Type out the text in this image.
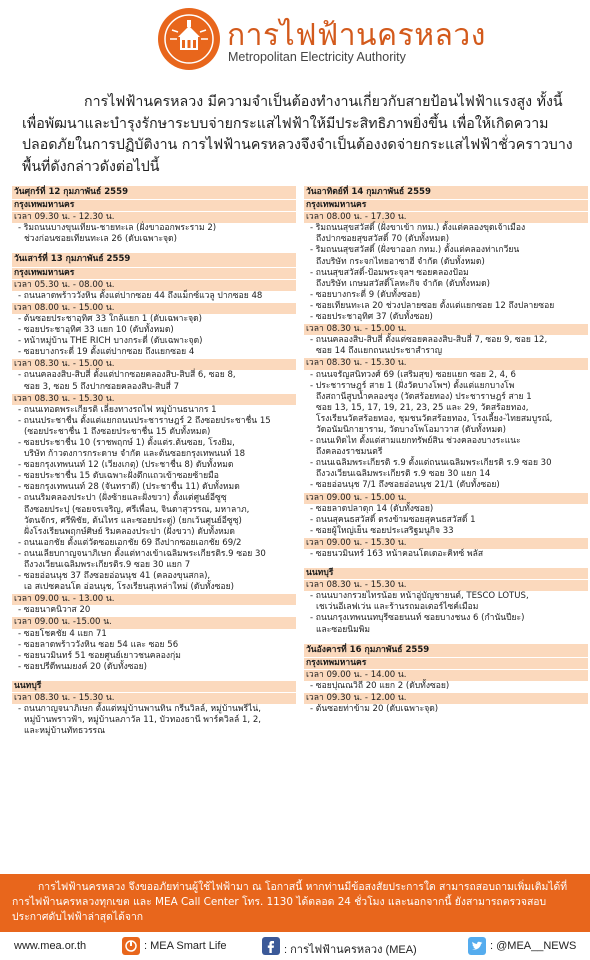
การไฟฟ้านครหลวง
Metropolitan Electricity Authority
การไฟฟ้านครหลวง มีความจำเป็นต้องทำงานเกี่ยวกับสายป้อนไฟฟ้าแรงสูง ทั้งนี้เพื่อพัฒนาและบำรุงรักษาระบบจ่ายกระแสไฟฟ้าให้มีประสิทธิภาพยิ่งขึ้น เพื่อให้เกิดความปลอดภัยในการปฏิบัติงาน การไฟฟ้านครหลวงจึงจำเป็นต้องงดจ่ายกระแสไฟฟ้าชั่วคราวบางพื้นที่ดังกล่าวดังต่อไปนี้
วันศุกร์ที่ 12 กุมภาพันธ์ 2559
กรุงเทพมหานคร
เวลา 09.30 น. - 12.30 น.
- ริมถนนบางขุนเทียน-ชายทะเล (ฝั่งขาออกพระราม 2)
ช่วงก่อนซอยเทียนทะเล 26 (ดับเฉพาะจุด)
วันเสาร์ที่ 13 กุมภาพันธ์ 2559
กรุงเทพมหานคร
เวลา 05.30 น. - 08.00 น.
- ถนนลาดพร้าววังหิน ตั้งแต่ปากซอย 44 ถึงแม็กซ์แวลู ปากซอย 48
เวลา 08.00 น. - 15.00 น.
- ต้นซอยประชาอุทิศ 33 ใกล้แยก 1 (ดับเฉพาะจุด)
- ซอยประชาอุทิศ 33 แยก 10 (ดับทั้งหมด)
- หน้าหมู่บ้าน THE RICH บางกระดี่ (ดับเฉพาะจุด)
- ซอยบางกระดี่ 19 ตั้งแต่ปากซอย ถึงแยกซอย 4
เวลา 08.30 น. - 15.00 น.
- ถนนคลองสิบ-สิบสี่ ตั้งแต่ปากซอยคลองสิบ-สิบสี่ 6, ซอย 8,
ซอย 3, ซอย 5 ถึงปากซอยคลองสิบ-สิบสี่ 7
เวลา 08.30 น. - 15.30 น.
- ถนนเทอดพระเกียรติ เลี่ยงทางรถไฟ หมู่บ้านธนากร 1
- ถนนประชาชื่น ตั้งแต่แยกถนนประชาราษฎร์ 2 ถึงซอยประชาชื่น 15
(ซอยประชาชื่น 1 ถึงซอยประชาชื่น 15 ดับทั้งหมด)
- ซอยประชาชื่น 10 (ราชพฤกษ์ 1) ตั้งแต่ร.ต้นซอย, โรงยิม,
บริษัท ก้าวตงการกระดาษ จำกัด และต้นซอยกรุงเทพนนท์ 18
- ซอยกรุงเทพนนท์ 12 (เวียงเกตุ) (ประชาชื่น 8) ดับทั้งหมด
- ซอยประชาชื่น 15 ดับเฉพาะฝั่งตึกแถวเข้าซอยซ้ายมือ
- ซอยกรุงเทพนนท์ 28 (จันทราดี) (ประชาชื่น 11) ดับทั้งหมด
- ถนนริมคลองประปา (ฝั่งซ้ายและฝั่งขวา) ตั้งแต่ศูนย์อีซูซุ
ถึงซอยประปุ (ซอยจรเจริญ, ศรีเพื่อน, จินดาสุวรรณ, มหาลาภ,
วัดนจักร, ศรีพิชัย, ต้นไทร และซอยประดู่) (ยกเว้นศูนย์อีซูซุ)
ฝั่งโรงเรียนพฤกษ์ศิษย์ ริมคลองประปา (ฝั่งขวา) ดับทั้งหมด
- ถนนเอกชัย ตั้งแต่วัดซอยเอกชัย 69 ถึงปากซอยเอกชัย 69/2
- ถนนเลียบกาญจนาภิเษก ตั้งแต่ทางเข้าเฉลิมพระเกียรติร.9 ซอย 30
ถึงวงเวียนเฉลิมพระเกียรติร.9 ซอย 30 แยก 7
- ซอยอ่อนนุช 37 ถึงซอยอ่อนนุช 41 (คลองขุนสกล),
เอ สเปซคอนโด อ่อนนุช, โรงเรียนสุเหล่าใหม่ (ดับทั้งซอย)
เวลา 09.00 น. - 13.00 น.
- ซอยนาคนิวาส 20
เวลา 09.00 น. -15.00 น.
- ซอยโชคชัย 4 แยก 71
- ซอยลาดพร้าววังหิน ซอย 54 และ ซอย 56
- ซอยนวมินทร์ 51 ซอยศูนย์เยาวชนคลองกุ่ม
- ซอยปรีดีพนมยงค์ 20 (ดับทั้งซอย)
นนทบุรี
เวลา 08.30 น. - 15.30 น.
- ถนนกาญจนาภิเษก ตั้งแต่หมู่บ้านพานทิน กรีนวิลล์, หมู่บ้านพรีไน่,
หมู่บ้านพราวฟ้า, หมู่บ้านลภาวัล 11, บัวทองธานี พาร์ควิลล์ 1, 2,
และหมู่บ้านทัทธวรรณ
วันอาทิตย์ที่ 14 กุมภาพันธ์ 2559
กรุงเทพมหานคร
เวลา 08.00 น. - 17.30 น.
- ริมถนนสุขสวัสดิ์ (ฝั่งขาเข้า กทม.) ตั้งแต่คลองขุดเจ้าเมือง
ถึงปากซอยสุขสวัสดิ์ 70 (ดับทั้งหมด)
- ริมถนนสุขสวัสดิ์ (ฝั่งขาออก กทม.) ตั้งแต่คลองท่าเกวียน
ถึงบริษัท กระจกไทยอาซาฮี จำกัด (ดับทั้งหมด)
- ถนนสุขสวัสดิ์-ป้อมพระจุลฯ ซอยคลองป้อม
ถึงบริษัท เกษมสวัสดิ์โลหะกิจ จำกัด (ดับทั้งหมด)
- ซอยบางกระดี่ 9 (ดับทั้งซอย)
- ซอยเทียนทะเล 20 ช่วงปลายซอย ตั้งแต่แยกซอย 12 ถึงปลายซอย
- ซอยประชาอุทิศ 37 (ดับทั้งซอย)
เวลา 08.30 น. - 15.00 น.
- ถนนคลองสิบ-สิบสี่ ตั้งแต่ซอยคลองสิบ-สิบสี่ 7, ซอย 9, ซอย 12,
ซอย 14 ถึงแยกถนนประชาสำราญ
เวลา 08.30 น. - 15.30 น.
- ถนนจรัญสนิทวงศ์ 69 (เสริมสุข) ซอยแยก ซอย 2, 4, 6
- ประชาราษฎร์ สาย 1 (ฝั่งวัดบางโพฯ) ตั้งแต่แยกบางโพ
ถึงสถานีสูบน้ำคลองชุง (วัดสร้อยทอง) ประชาราษฎร์ สาย 1
ซอย 13, 15, 17, 19, 21, 23, 25 และ 29, วัดสร้อยทอง,
โรงเรียนวัดสร้อยทอง, ชุมชนวัดสร้อยทอง, โรงเลี้ยง-ไทยสมบูรณ์,
วัดอนัมนิกายาราม, วัดบางโพโอมาวาส (ดับทั้งหมด)
- ถนนเทิดไท ตั้งแต่สามแยกทรัพย์สิน ช่วงคลองบางระแนะ
ถึงคลองราชมนตรี
- ถนนเฉลิมพระเกียรติ ร.9 ตั้งแต่ถนนเฉลิมพระเกียรติ ร.9 ซอย 30
ถึงวงเวียนเฉลิมพระเกียรติ ร.9 ซอย 30 แยก 14
- ซอยอ่อนนุช 7/1 ถึงซอยอ่อนนุช 21/1 (ดับทั้งซอย)
เวลา 09.00 น. - 15.00 น.
- ซอยลาดปลาดุก 14 (ดับทั้งซอย)
- ถนนสุคนธสวัสดิ์ ตรงข้ามซอยสุคนธสวัสดิ์ 1
- ซอยผู้ใหญ่เย็น ซอยประเสริฐมนูกิจ 33
เวลา 09.00 น. - 15.30 น.
- ซอยนวมินทร์ 163 หน้าคอนโดเดอะคิทซ์ พลัส
นนทบุรี
เวลา 08.30 น. - 15.30 น.
- ถนนบางกรวยไทรน้อย หน้าอู่บัญชายนต์, TESCO LOTUS,
เชเว่นอีเลฟเว่น และร้านรถมอเตอร์ไซค์เมือม
- ถนนกรุงเทพนนทบุรีซอยนนท์ ซอยบางชนง 6 (กำนันปียะ)
และซอยนิมพิม
วันอังคารที่ 16 กุมภาพันธ์ 2559
กรุงเทพมหานคร
เวลา 09.00 น. - 14.00 น.
- ซอยปุณณวิถี 20 แยก 2 (ดับทั้งซอย)
เวลา 09.30 น. - 12.00 น.
- ต้นซอยท่าข้าม 20 (ดับเฉพาะจุด)
การไฟฟ้านครหลวง จึงขออภัยท่านผู้ใช้ไฟฟ้ามา ณ โอกาสนี้ หากท่านมีข้อสงสัยประการใด สามารถสอบถามเพิ่มเติมได้ที่การไฟฟ้านครหลวงทุกเขต และ MEA Call Center โทร. 1130 ได้ตลอด 24 ชั่วโมง และนอกจากนี้ ยังสามารถตรวจสอบประกาศดับไฟฟ้าล่าสุดได้จาก
www.mea.or.th	: MEA Smart Life	: การไฟฟ้านครหลวง (MEA)	: @MEA__NEWS
